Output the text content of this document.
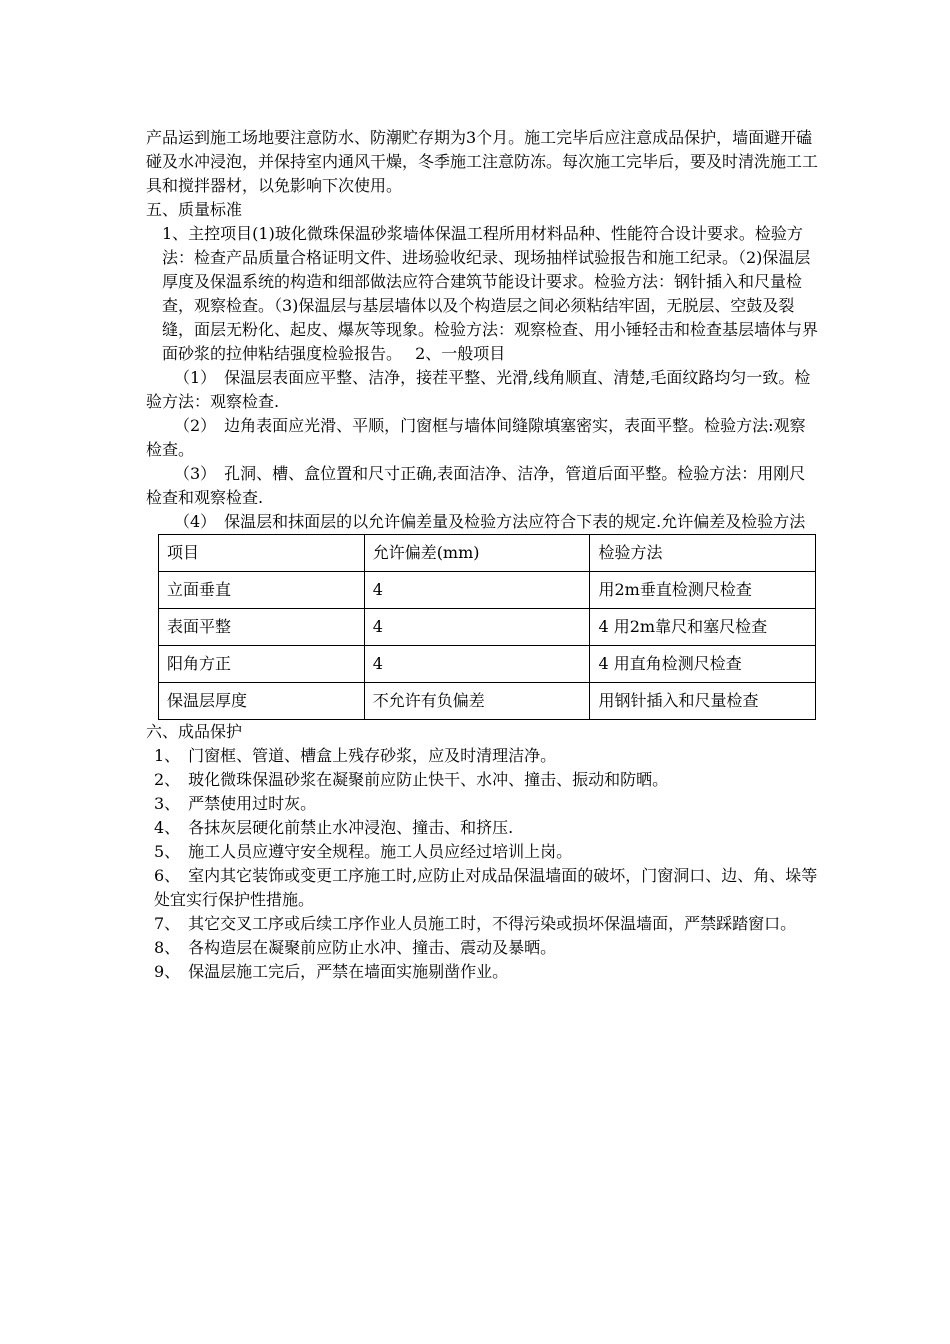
产品运到施工场地要注意防水、防潮贮存期为3个月。施工完毕后应注意成品保护，墙面避开磕碰及水冲浸泡，并保持室内通风干燥，冬季施工注意防冻。每次施工完毕后，要及时清洗施工工具和搅拌器材，以免影响下次使用。

五、质量标准

1、主控项目(1)玻化微珠保温砂浆墙体保温工程所用材料品种、性能符合设计要求。检验方法：检查产品质量合格证明文件、进场验收纪录、现场抽样试验报告和施工纪录。（2)保温层厚度及保温系统的构造和细部做法应符合建筑节能设计要求。检验方法：钢针插入和尺量检查，观察检查。（3)保温层与基层墙体以及个构造层之间必须粘结牢固，无脱层、空鼓及裂缝，面层无粉化、起皮、爆灰等现象。检验方法：观察检查、用小锤轻击和检查基层墙体与界面砂浆的拉伸粘结强度检验报告。　 2、一般项目

（1）　保温层表面应平整、洁净，接茬平整、光滑,线角顺直、清楚,毛面纹路均匀一致。检验方法：观察检查.

（2）　边角表面应光滑、平顺，门窗框与墙体间缝隙填塞密实，表面平整。检验方法:观察检查。

（3）　孔洞、槽、盒位置和尺寸正确,表面洁净、洁净，管道后面平整。检验方法：用刚尺检查和观察检查.

（4）　保温层和抹面层的以允许偏差量及检验方法应符合下表的规定.允许偏差及检验方法

项目	允许偏差(mm)	检验方法
立面垂直	4	用2m垂直检测尺检查
表面平整	4	4 用2m靠尺和塞尺检查
阳角方正	4	4 用直角检测尺检查
保温层厚度	不允许有负偏差	用钢针插入和尺量检查

六、成品保护

1、　门窗框、管道、槽盒上残存砂浆，应及时清理洁净。

2、　玻化微珠保温砂浆在凝聚前应防止快干、水冲、撞击、振动和防晒。

3、　严禁使用过时灰。

4、　各抹灰层硬化前禁止水冲浸泡、撞击、和挤压.

5、　施工人员应遵守安全规程。施工人员应经过培训上岗。

6、　室内其它装饰或变更工序施工时,应防止对成品保温墙面的破坏，门窗洞口、边、角、垛等处宜实行保护性措施。

7、　其它交叉工序或后续工序作业人员施工时，不得污染或损坏保温墙面，严禁踩踏窗口。

8、　各构造层在凝聚前应防止水冲、撞击、震动及暴晒。

9、　保温层施工完后，严禁在墙面实施剔凿作业。
